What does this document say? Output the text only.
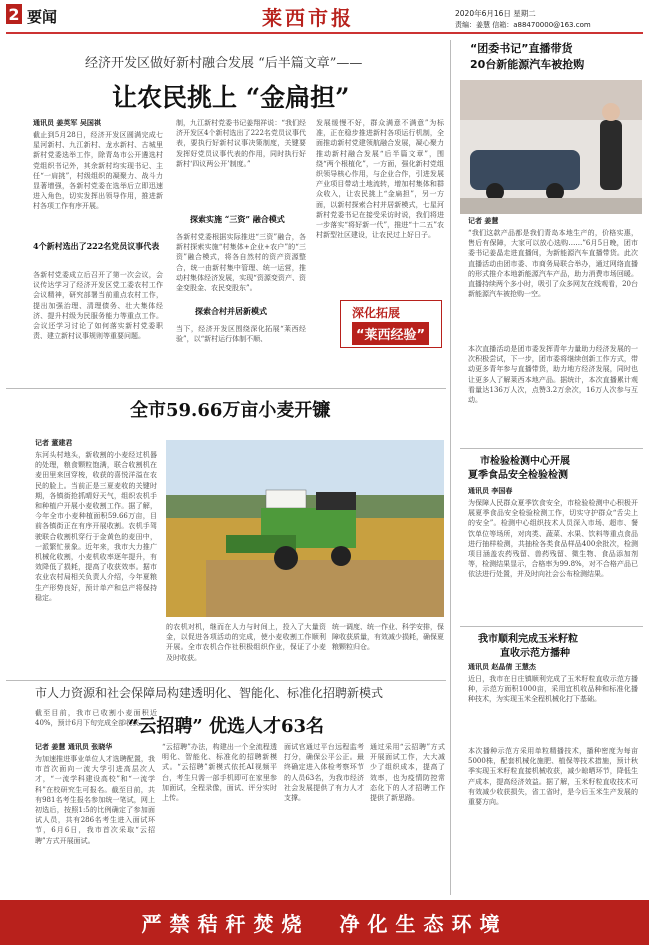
2 要闻	莱西市报	2020年6月16日 星期二
责编：姜慧 信箱：a88470000@163.com
经济开发区做好新村融合发展 “后半篇文章”——
让农民挑上 “金扁担”
通讯员 姜英军 吴国祺
截止到5月28日，经济开发区圆满完成七星河新村、九江新村、龙水新村、古城里新村党委选举工作，除青岛市公开遴选村党组织书记外，其余新村均实现书记、主任“一肩挑”，村级组织的凝聚力、战斗力显著增强，各新村党委在选举后立即迅速进入角色，切实发挥出领导作用，推进新村各项工作有序开展。
4个新村选出了222名党员议事代表
各新村党委成立后召开了第一次会议，会议传达学习了经济开发区党工委农村工作会议精神，研究部署当前重点农村工作，提出加强治理、清理债务、壮大集体经济、提升村级为民服务能力等重点工作。会议还学习讨论了如何落实新村党委职责、建立新村议事规则等重要问题。
制，九江新村党委书记姜翔祥说：“我们经济开发区4个新村选出了222名党员议事代表，要执行好新村议事决策制度，关键要发挥好党员议事代表的作用，同时执行好新村‘四议两公开’制度。”
探索实施 “三资” 融合模式
各新村党委根据实际推进“三资”融合，各新村探索实施“村集体+企业+农户”的“三资”融合模式，将各自然村的资产资源整合，统一由新村集中管理、统一运营，推动村集体经济发展，实现“资源变资产、资金变股金、农民变股东”。
探索合村并居新模式
当下，经济开发区围绕深化拓展“莱西经验”，以“新村运行体制不顺、
发展缓慢不好，群众满意不满意”为标准，正在稳步推进新村各项运行机制，全面推动新村党建领航融合发展，凝心聚力推动新村融合发展“后半篇文章”，围绕“两个根植化”，一方面，强化新村党组织领导核心作用，与企业合作，引进发展产业项目带动土地流转，增加村集体和群众收入，让农民挑上“金扁担”，另一方面，以新村探索合村并居新模式，七星河新村党委书记在接受采访时说，我们将进一步落实“将好新一代”，推进“十二五”农村新型社区建设，让农民过上好日子。
深化拓展
“莱西经验”
全市59.66万亩小麦开镰
记者 董建君
东河头村地头，新收割的小麦经过机器的处理，粮食颗粒饱满，联合收割机在麦田里来回穿梭，收获的喜悦洋溢在农民的脸上。当前正是三夏麦收的关键时期，各镇街抢抓晴好天气，组织农机手和种植户开展小麦收割工作。据了解，今年全市小麦种植面积59.66万亩，目前各镇街正在有序开展收割。农机手驾驶联合收割机穿行于金黄色的麦田中，一派繁忙景象。近年来，我市大力推广机械化收割，小麦机收率逐年提升，有效降低了损耗，提高了收获效率。据市农业农村局相关负责人介绍，今年夏粮生产形势良好，预计单产和总产将保持稳定。
截至目前，我市已收割小麦面积近40%，预计6月下旬完成全部收获。
的农机对机，继而在人力与时间上，投入了大量资金，以促进各项活动的完成，使小麦收割工作顺利开展。全市农机合作社积极组织作业，保证了小麦及时收获。
统一调度、统一作业、科学安排，保障收获质量，有效减少损耗，确保夏粮颗粒归仓。
市人力资源和社会保障局构建透明化、智能化、标准化招聘新模式
“云招聘” 优选人才63名
记者 姜慧 通讯员 张晓华
为加速推进事业单位人才选聘配置，我市首次面向一流大学引进高层次人才，“一流学科建设高校”和“一流学科”在校研究生可报名。截至目前，共有981名考生报名参加统一笔试，网上初选后，按照1:5的比例确定了参加面试人员，共有286名考生进入面试环节，6月6日，我市首次采取“云招聘”方式开展面试。
“云招聘”办法，构建出一个全流程透明化、智能化、标准化的招聘新模式。“云招聘”新模式依托AI视频平台，考生只需一部手机即可在家里参加面试，全程录像，面试、评分实时上传。
面试官通过平台远程监考打分，确保公平公正。最终确定进入体检考察环节的人员63名，为我市经济社会发展提供了有力人才支撑。
通过采用“云招聘”方式开展面试工作，大大减少了组织成本，提高了效率，也为疫情防控常态化下的人才招聘工作提供了新思路。
“团委书记”直播带货
20台新能源汽车被抢购
记者 姜慧
“我们这款产品都是我们青岛本地生产的，价格实惠，售后有保障，大家可以放心选购……”6月5日晚，团市委书记姜晶走进直播间，为新能源汽车直播带货。此次直播活动由团市委、市商务局联合举办，通过网络直播的形式推介本地新能源汽车产品，助力消费市场回暖。直播持续两个多小时，吸引了众多网友在线观看，20台新能源汽车被抢购一空。
本次直播活动是团市委发挥青年力量助力经济发展的一次积极尝试，下一步，团市委将继续创新工作方式，带动更多青年参与直播带货，助力地方经济发展，同时也让更多人了解莱西本地产品。据统计，本次直播累计观看量达136万人次，点赞3.2万余次，16万人次参与互动。
市检验检测中心开展
夏季食品安全检验检测
通讯员 李国春
为保障人民群众夏季饮食安全，市检验检测中心积极开展夏季食品安全检验检测工作，切实守护群众“舌尖上的安全”。检测中心组织技术人员深入市场、超市、餐饮单位等场所，对肉类、蔬菜、水果、饮料等重点食品进行抽样检测，共抽检各类食品样品400余批次，检测项目涵盖农药残留、兽药残留、微生物、食品添加剂等，检测结果显示，合格率为99.8%，对不合格产品已依法进行处置，并及时向社会公布检测结果。
我市顺利完成玉米籽粒
直收示范方播种
通讯员 赵晶倩 王慧杰
近日，我市在日庄镇顺利完成了玉米籽粒直收示范方播种，示范方面积1000亩，采用宜机收品种和标准化播种技术，为实现玉米全程机械化打下基础。
本次播种示范方采用单粒精播技术，播种密度为每亩5000株，配套机械化施肥、植保等技术措施，预计秋季实现玉米籽粒直接机械收获，减少晾晒环节，降低生产成本，提高经济效益。据了解，玉米籽粒直收技术可有效减少收获损失，省工省时，是今后玉米生产发展的重要方向。
严禁秸秆焚烧  净化生态环境
